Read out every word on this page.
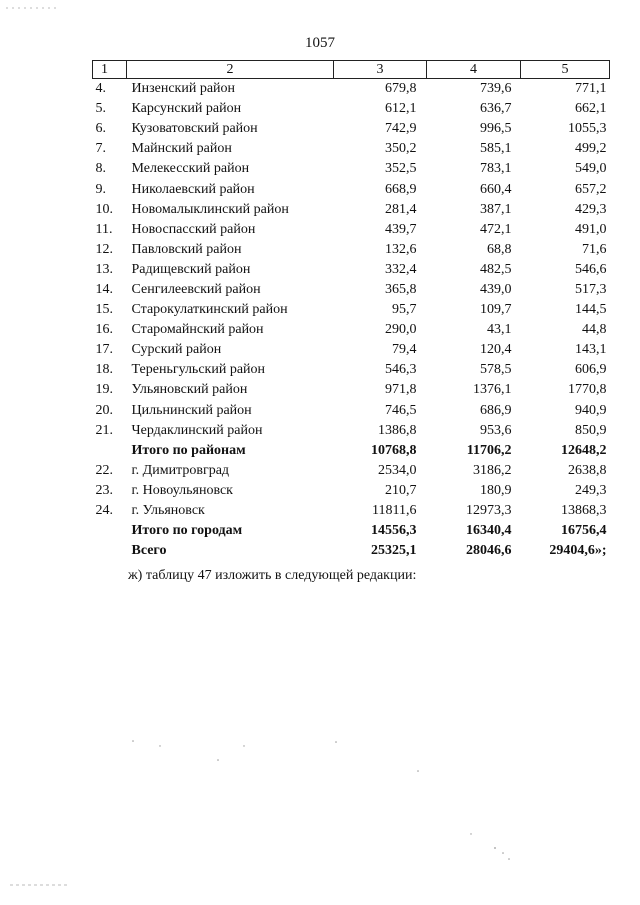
1057
1	2	3	4	5
4.	Инзенский район	679,8	739,6	771,1
5.	Карсунский район	612,1	636,7	662,1
6.	Кузоватовский район	742,9	996,5	1055,3
7.	Майнский район	350,2	585,1	499,2
8.	Мелекесский район	352,5	783,1	549,0
9.	Николаевский район	668,9	660,4	657,2
10.	Новомалыклинский район	281,4	387,1	429,3
11.	Новоспасский район	439,7	472,1	491,0
12.	Павловский район	132,6	68,8	71,6
13.	Радищевский район	332,4	482,5	546,6
14.	Сенгилеевский район	365,8	439,0	517,3
15.	Старокулаткинский район	95,7	109,7	144,5
16.	Старомайнский район	290,0	43,1	44,8
17.	Сурский район	79,4	120,4	143,1
18.	Тереньгульский район	546,3	578,5	606,9
19.	Ульяновский район	971,8	1376,1	1770,8
20.	Цильнинский район	746,5	686,9	940,9
21.	Чердаклинский район	1386,8	953,6	850,9
	Итого по районам	10768,8	11706,2	12648,2
22.	г. Димитровград	2534,0	3186,2	2638,8
23.	г. Новоульяновск	210,7	180,9	249,3
24.	г. Ульяновск	11811,6	12973,3	13868,3
	Итого по городам	14556,3	16340,4	16756,4
	Всего	25325,1	28046,6	29404,6»;
ж) таблицу 47 изложить в следующей редакции:
